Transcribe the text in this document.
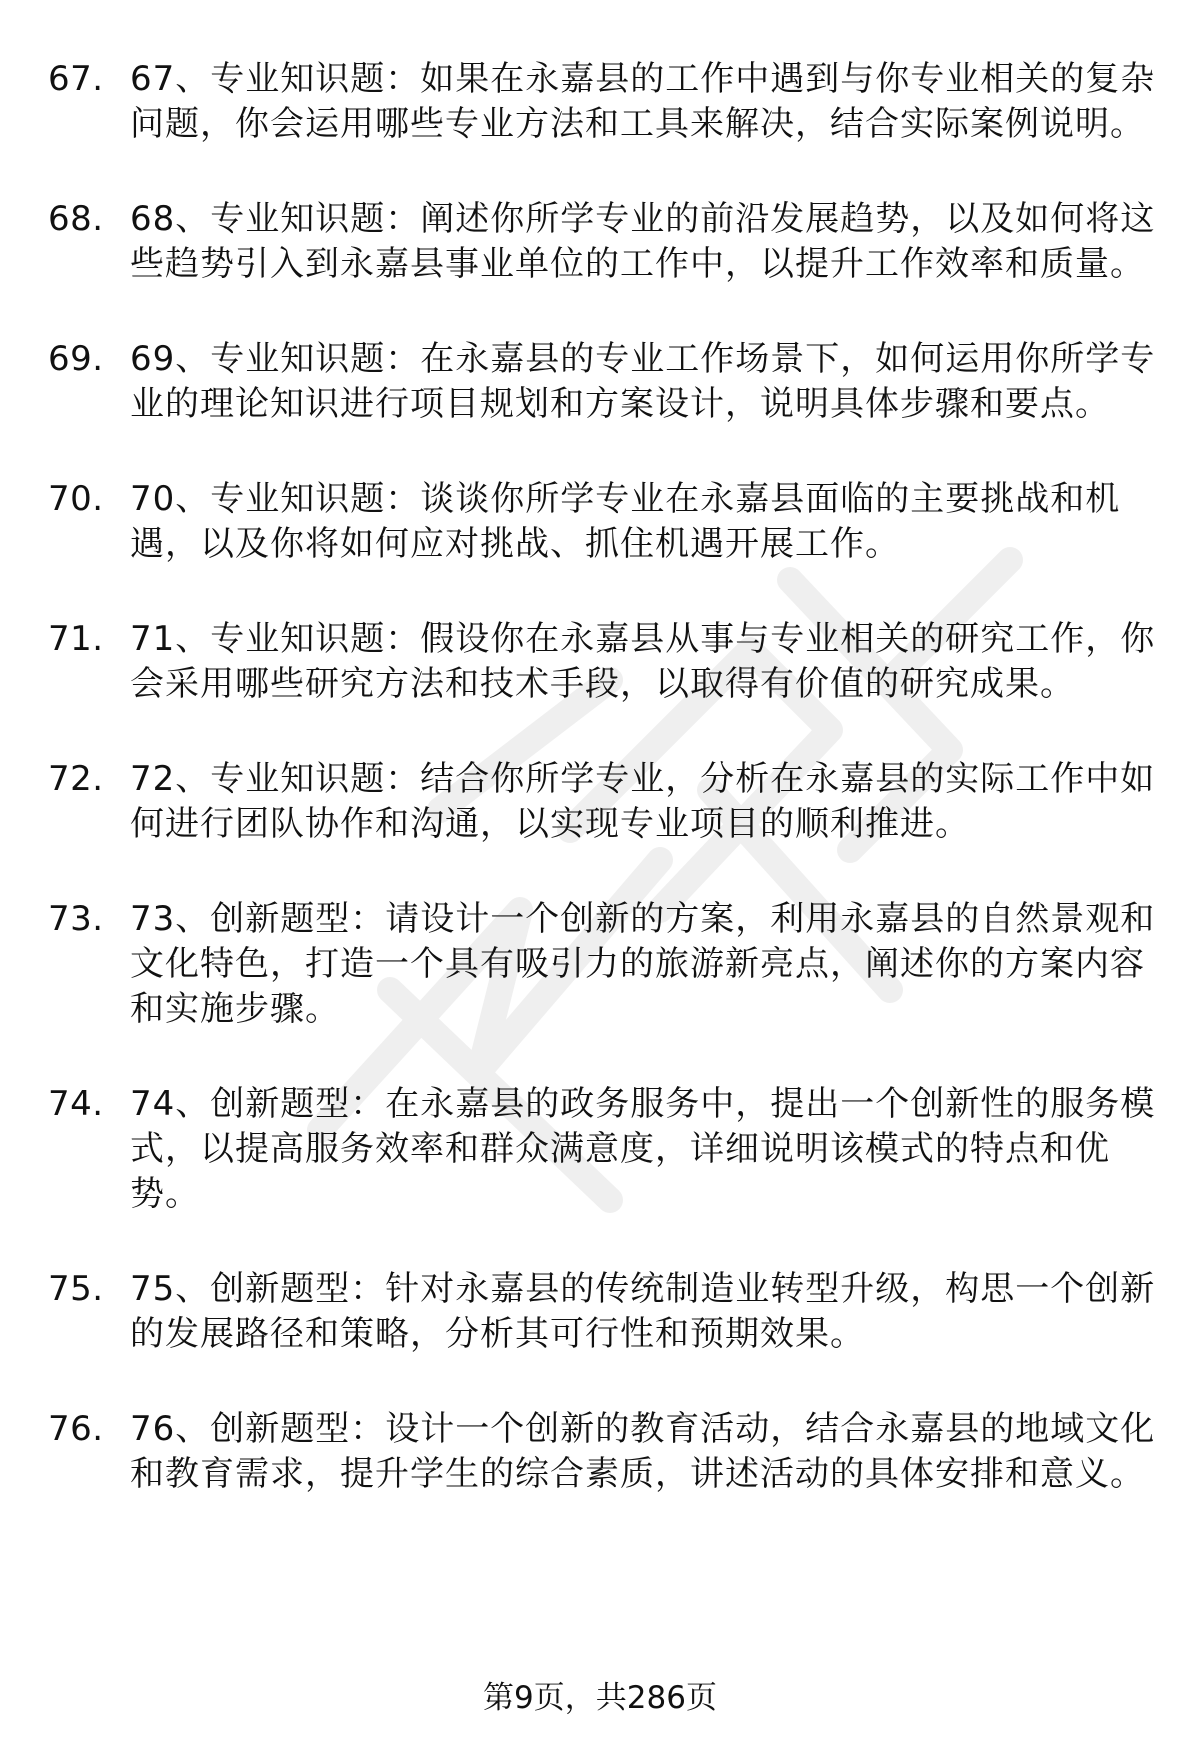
67. 67、专业知识题：如果在永嘉县的工作中遇到与你专业相关的复杂问题，你会运用哪些专业方法和工具来解决，结合实际案例说明。
68. 68、专业知识题：阐述你所学专业的前沿发展趋势，以及如何将这些趋势引入到永嘉县事业单位的工作中，以提升工作效率和质量。
69. 69、专业知识题：在永嘉县的专业工作场景下，如何运用你所学专业的理论知识进行项目规划和方案设计，说明具体步骤和要点。
70. 70、专业知识题：谈谈你所学专业在永嘉县面临的主要挑战和机遇，以及你将如何应对挑战、抓住机遇开展工作。
71. 71、专业知识题：假设你在永嘉县从事与专业相关的研究工作，你会采用哪些研究方法和技术手段，以取得有价值的研究成果。
72. 72、专业知识题：结合你所学专业，分析在永嘉县的实际工作中如何进行团队协作和沟通，以实现专业项目的顺利推进。
73. 73、创新题型：请设计一个创新的方案，利用永嘉县的自然景观和文化特色，打造一个具有吸引力的旅游新亮点，阐述你的方案内容和实施步骤。
74. 74、创新题型：在永嘉县的政务服务中，提出一个创新性的服务模式，以提高服务效率和群众满意度，详细说明该模式的特点和优势。
75. 75、创新题型：针对永嘉县的传统制造业转型升级，构思一个创新的发展路径和策略，分析其可行性和预期效果。
76. 76、创新题型：设计一个创新的教育活动，结合永嘉县的地域文化和教育需求，提升学生的综合素质，讲述活动的具体安排和意义。
第9页，共286页
